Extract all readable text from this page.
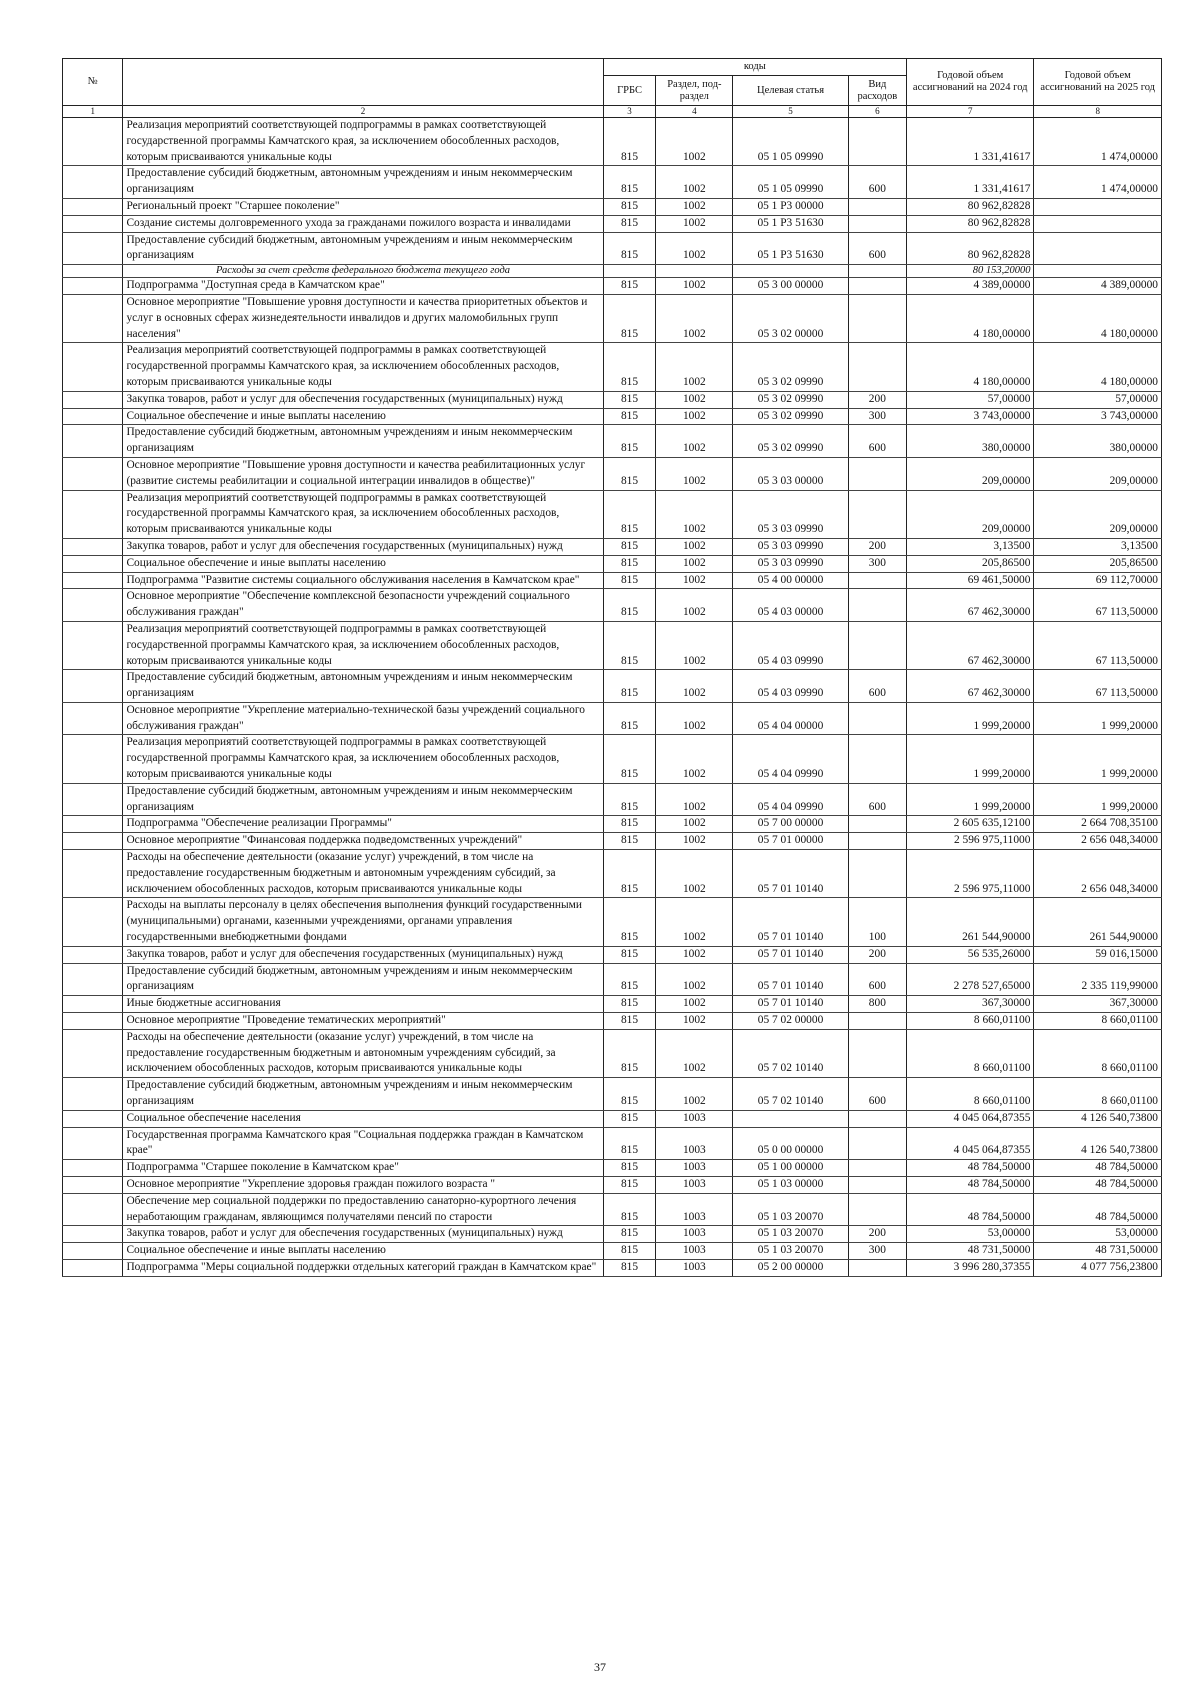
№		коды				Годовой объем ассигнований на 2024 год	Годовой объем ассигнований на 2025 год
		ГРБС	Раздел, под-раздел	Целевая статья	Вид расходов		
1	2	3	4	5	6	7	8
	Реализация мероприятий соответствующей подпрограммы в рамках соответствующей государственной программы Камчатского края, за исключением обособленных расходов, которым присваиваются уникальные коды	815	1002	05 1 05 09990		1 331,41617	1 474,00000
	Предоставление субсидий бюджетным, автономным учреждениям и иным некоммерческим организациям	815	1002	05 1 05 09990	600	1 331,41617	1 474,00000
	Региональный проект "Старшее поколение"	815	1002	05 1 P3 00000		80 962,82828	
	Создание системы долговременного ухода за гражданами пожилого возраста и инвалидами	815	1002	05 1 P3 51630		80 962,82828	
	Предоставление субсидий бюджетным, автономным учреждениям и иным некоммерческим организациям	815	1002	05 1 P3 51630	600	80 962,82828	
	Расходы за счет средств федерального бюджета текущего года					80 153,20000	
	Подпрограмма "Доступная среда в Камчатском крае"	815	1002	05 3 00 00000		4 389,00000	4 389,00000
	Основное мероприятие "Повышение уровня доступности и качества приоритетных объектов и услуг в основных сферах жизнедеятельности инвалидов и других маломобильных групп населения"	815	1002	05 3 02 00000		4 180,00000	4 180,00000
	Реализация мероприятий соответствующей подпрограммы в рамках соответствующей государственной программы Камчатского края, за исключением обособленных расходов, которым присваиваются уникальные коды	815	1002	05 3 02 09990		4 180,00000	4 180,00000
	Закупка товаров, работ и услуг для обеспечения государственных (муниципальных) нужд	815	1002	05 3 02 09990	200	57,00000	57,00000
	Социальное обеспечение и иные выплаты населению	815	1002	05 3 02 09990	300	3 743,00000	3 743,00000
	Предоставление субсидий бюджетным, автономным учреждениям и иным некоммерческим организациям	815	1002	05 3 02 09990	600	380,00000	380,00000
	Основное мероприятие "Повышение уровня доступности и качества реабилитационных услуг (развитие системы реабилитации и социальной интеграции инвалидов в обществе)"	815	1002	05 3 03 00000		209,00000	209,00000
	Реализация мероприятий соответствующей подпрограммы в рамках соответствующей государственной программы Камчатского края, за исключением обособленных расходов, которым присваиваются уникальные коды	815	1002	05 3 03 09990		209,00000	209,00000
	Закупка товаров, работ и услуг для обеспечения государственных (муниципальных) нужд	815	1002	05 3 03 09990	200	3,13500	3,13500
	Социальное обеспечение и иные выплаты населению	815	1002	05 3 03 09990	300	205,86500	205,86500
	Подпрограмма "Развитие системы социального обслуживания населения в Камчатском крае"	815	1002	05 4 00 00000		69 461,50000	69 112,70000
	Основное мероприятие "Обеспечение комплексной безопасности учреждений социального обслуживания граждан"	815	1002	05 4 03 00000		67 462,30000	67 113,50000
	Реализация мероприятий соответствующей подпрограммы в рамках соответствующей государственной программы Камчатского края, за исключением обособленных расходов, которым присваиваются уникальные коды	815	1002	05 4 03 09990		67 462,30000	67 113,50000
	Предоставление субсидий бюджетным, автономным учреждениям и иным некоммерческим организациям	815	1002	05 4 03 09990	600	67 462,30000	67 113,50000
	Основное мероприятие "Укрепление материально-технической базы учреждений социального обслуживания граждан"	815	1002	05 4 04 00000		1 999,20000	1 999,20000
	Реализация мероприятий соответствующей подпрограммы в рамках соответствующей государственной программы Камчатского края, за исключением обособленных расходов, которым присваиваются уникальные коды	815	1002	05 4 04 09990		1 999,20000	1 999,20000
	Предоставление субсидий бюджетным, автономным учреждениям и иным некоммерческим организациям	815	1002	05 4 04 09990	600	1 999,20000	1 999,20000
	Подпрограмма "Обеспечение реализации Программы"	815	1002	05 7 00 00000		2 605 635,12100	2 664 708,35100
	Основное мероприятие "Финансовая поддержка подведомственных учреждений"	815	1002	05 7 01 00000		2 596 975,11000	2 656 048,34000
	Расходы на обеспечение деятельности (оказание услуг) учреждений, в том числе на предоставление государственным бюджетным и автономным учреждениям субсидий, за исключением обособленных расходов, которым присваиваются уникальные коды	815	1002	05 7 01 10140		2 596 975,11000	2 656 048,34000
	Расходы на выплаты персоналу в целях обеспечения выполнения функций государственными (муниципальными) органами, казенными учреждениями, органами управления государственными внебюджетными фондами	815	1002	05 7 01 10140	100	261 544,90000	261 544,90000
	Закупка товаров, работ и услуг для обеспечения государственных (муниципальных) нужд	815	1002	05 7 01 10140	200	56 535,26000	59 016,15000
	Предоставление субсидий бюджетным, автономным учреждениям и иным некоммерческим организациям	815	1002	05 7 01 10140	600	2 278 527,65000	2 335 119,99000
	Иные бюджетные ассигнования	815	1002	05 7 01 10140	800	367,30000	367,30000
	Основное мероприятие "Проведение тематических мероприятий"	815	1002	05 7 02 00000		8 660,01100	8 660,01100
	Расходы на обеспечение деятельности (оказание услуг) учреждений, в том числе на предоставление государственным бюджетным и автономным учреждениям субсидий, за исключением обособленных расходов, которым присваиваются уникальные коды	815	1002	05 7 02 10140		8 660,01100	8 660,01100
	Предоставление субсидий бюджетным, автономным учреждениям и иным некоммерческим организациям	815	1002	05 7 02 10140	600	8 660,01100	8 660,01100
	Социальное обеспечение населения	815	1003			4 045 064,87355	4 126 540,73800
	Государственная программа Камчатского края "Социальная поддержка граждан в Камчатском крае"	815	1003	05 0 00 00000		4 045 064,87355	4 126 540,73800
	Подпрограмма "Старшее поколение в Камчатском крае"	815	1003	05 1 00 00000		48 784,50000	48 784,50000
	Основное мероприятие "Укрепление здоровья граждан пожилого возраста "	815	1003	05 1 03 00000		48 784,50000	48 784,50000
	Обеспечение мер социальной поддержки по предоставлению санаторно-курортного лечения неработающим гражданам, являющимся получателями пенсий по старости	815	1003	05 1 03 20070		48 784,50000	48 784,50000
	Закупка товаров, работ и услуг для обеспечения государственных (муниципальных) нужд	815	1003	05 1 03 20070	200	53,00000	53,00000
	Социальное обеспечение и иные выплаты населению	815	1003	05 1 03 20070	300	48 731,50000	48 731,50000
	Подпрограмма "Меры социальной поддержки отдельных категорий граждан в Камчатском крае"	815	1003	05 2 00 00000		3 996 280,37355	4 077 756,23800
37
